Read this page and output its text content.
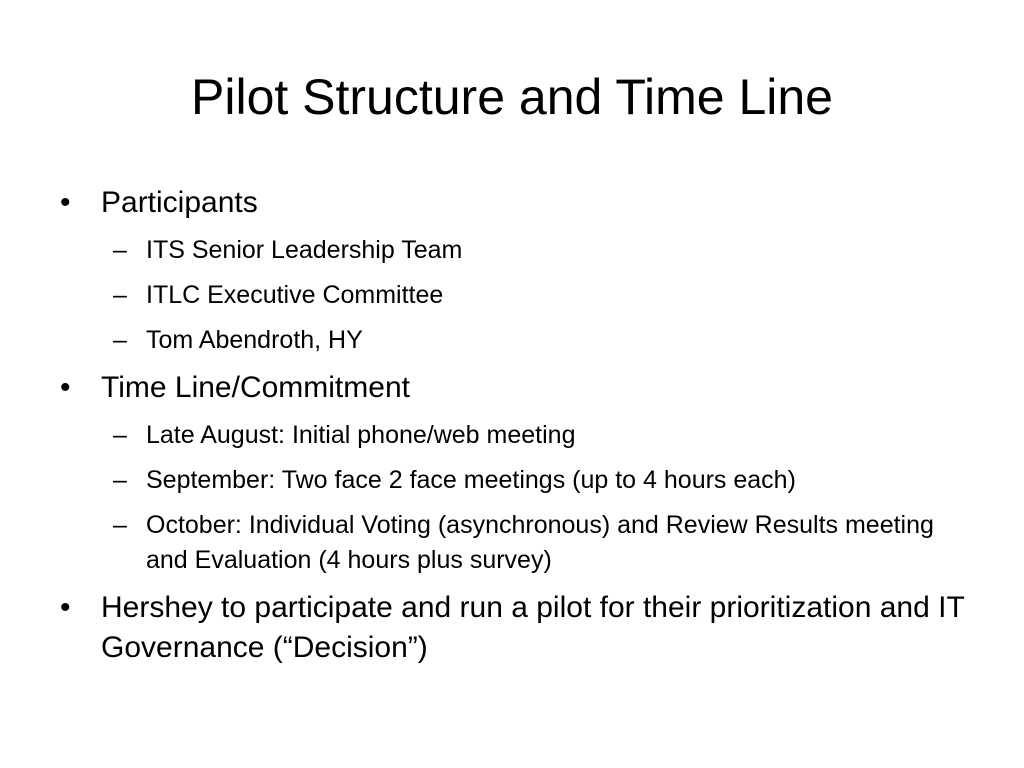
Pilot Structure and Time Line
•	Participants
– ITS Senior Leadership Team
– ITLC Executive Committee
– Tom Abendroth, HY
•	Time Line/Commitment
– Late August: Initial phone/web meeting
– September: Two face 2 face meetings (up to 4 hours each)
– October: Individual Voting (asynchronous) and Review Results meeting and Evaluation (4 hours plus survey)
•	Hershey to participate and run a pilot for their prioritization and IT Governance (“Decision”)
